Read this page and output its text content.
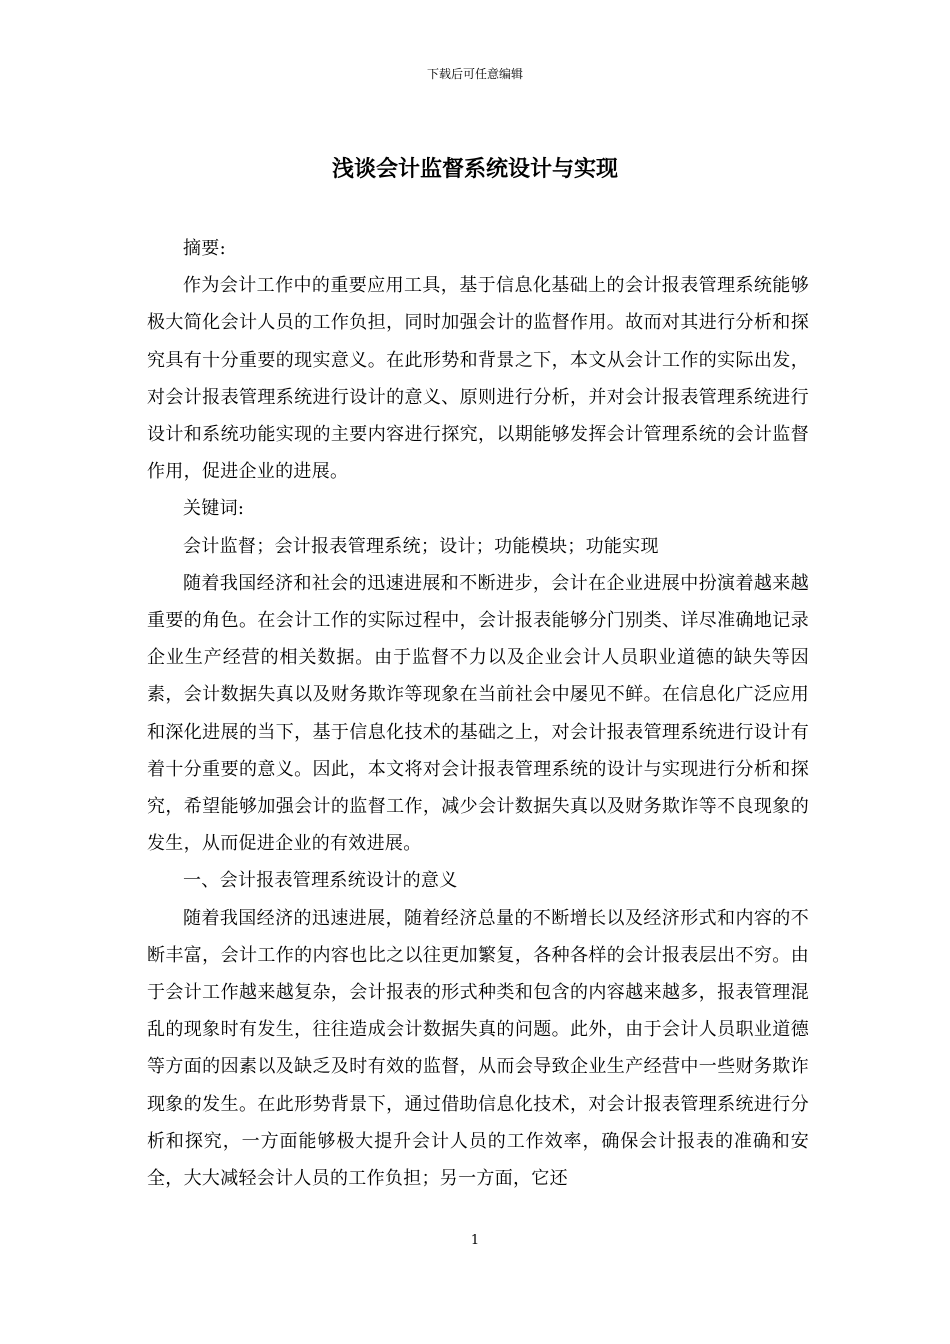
下载后可任意编辑
浅谈会计监督系统设计与实现

摘要:

作为会计工作中的重要应用工具，基于信息化基础上的会计报表管理系统能够极大简化会计人员的工作负担，同时加强会计的监督作用。故而对其进行分析和探究具有十分重要的现实意义。在此形势和背景之下，本文从会计工作的实际出发，对会计报表管理系统进行设计的意义、原则进行分析，并对会计报表管理系统进行设计和系统功能实现的主要内容进行探究，以期能够发挥会计管理系统的会计监督作用，促进企业的进展。

关键词:

会计监督；会计报表管理系统；设计；功能模块；功能实现

随着我国经济和社会的迅速进展和不断进步，会计在企业进展中扮演着越来越重要的角色。在会计工作的实际过程中，会计报表能够分门别类、详尽准确地记录企业生产经营的相关数据。由于监督不力以及企业会计人员职业道德的缺失等因素，会计数据失真以及财务欺诈等现象在当前社会中屡见不鲜。在信息化广泛应用和深化进展的当下，基于信息化技术的基础之上，对会计报表管理系统进行设计有着十分重要的意义。因此，本文将对会计报表管理系统的设计与实现进行分析和探究，希望能够加强会计的监督工作，减少会计数据失真以及财务欺诈等不良现象的发生，从而促进企业的有效进展。

一、会计报表管理系统设计的意义

随着我国经济的迅速进展，随着经济总量的不断增长以及经济形式和内容的不断丰富，会计工作的内容也比之以往更加繁复，各种各样的会计报表层出不穷。由于会计工作越来越复杂，会计报表的形式种类和包含的内容越来越多，报表管理混乱的现象时有发生，往往造成会计数据失真的问题。此外，由于会计人员职业道德等方面的因素以及缺乏及时有效的监督，从而会导致企业生产经营中一些财务欺诈现象的发生。在此形势背景下，通过借助信息化技术，对会计报表管理系统进行分析和探究，一方面能够极大提升会计人员的工作效率，确保会计报表的准确和安全，大大减轻会计人员的工作负担；另一方面，它还

1
